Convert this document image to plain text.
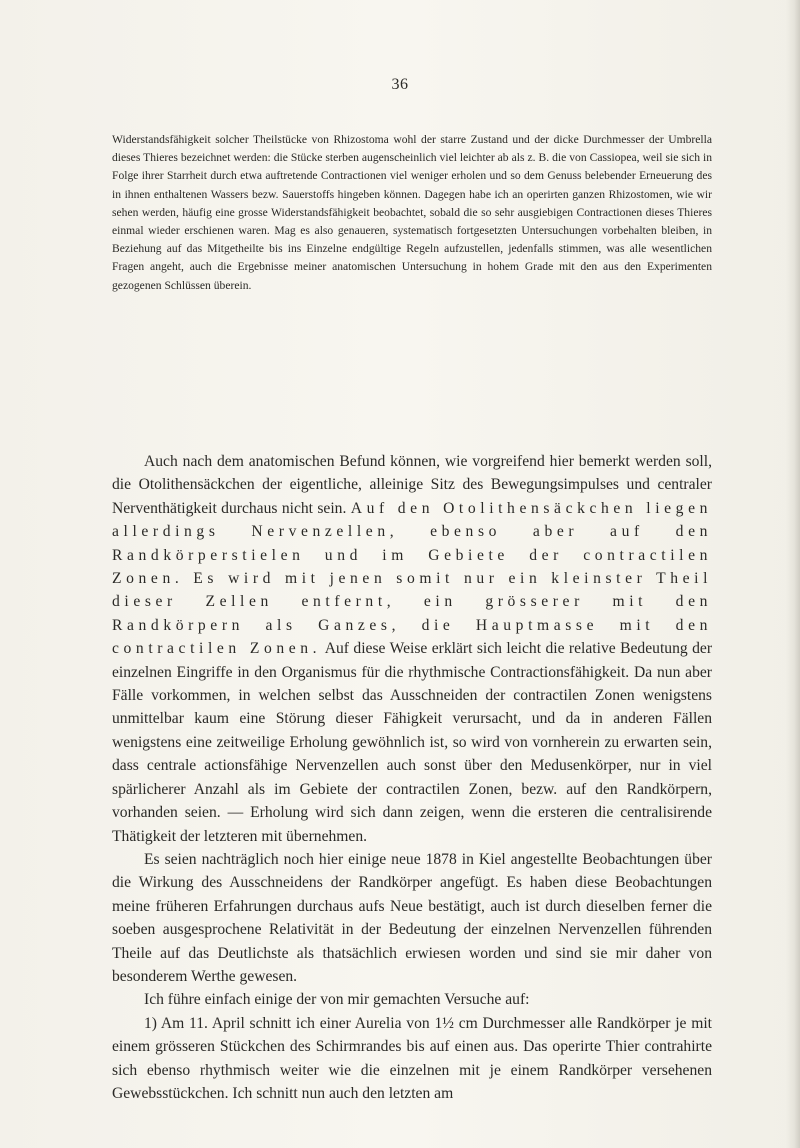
36

Widerstandsfähigkeit solcher Theilstücke von Rhizostoma wohl der starre Zustand und der dicke Durchmesser der Umbrella dieses Thieres bezeichnet werden: die Stücke sterben augenscheinlich viel leichter ab als z. B. die von Cassiopea, weil sie sich in Folge ihrer Starrheit durch etwa auftretende Contractionen viel weniger erholen und so dem Genuss belebender Erneuerung des in ihnen enthaltenen Wassers bezw. Sauerstoffs hingeben können. Dagegen habe ich an operirten ganzen Rhizostomen, wie wir sehen werden, häufig eine grosse Widerstandsfähigkeit beobachtet, sobald die so sehr ausgiebigen Contractionen dieses Thieres einmal wieder erschienen waren. Mag es also genaueren, systematisch fortgesetzten Untersuchungen vorbehalten bleiben, in Beziehung auf das Mitgetheilte bis ins Einzelne endgültige Regeln aufzustellen, jedenfalls stimmen, was alle wesentlichen Fragen angeht, auch die Ergebnisse meiner anatomischen Untersuchung in hohem Grade mit den aus den Experimenten gezogenen Schlüssen überein.

Auch nach dem anatomischen Befund können, wie vorgreifend hier bemerkt werden soll, die Otolithensäckchen der eigentliche, alleinige Sitz des Bewegungsimpulses und centraler Nerventhätigkeit durchaus nicht sein. Auf den Otolithensäckchen liegen allerdings Nervenzellen, ebenso aber auf den Randkörperstielen und im Gebiete der contractilen Zonen. Es wird mit jenen somit nur ein kleinster Theil dieser Zellen entfernt, ein grösserer mit den Randkörpern als Ganzes, die Hauptmasse mit den contractilen Zonen. Auf diese Weise erklärt sich leicht die relative Bedeutung der einzelnen Eingriffe in den Organismus für die rhythmische Contractionsfähigkeit. Da nun aber Fälle vorkommen, in welchen selbst das Ausschneiden der contractilen Zonen wenigstens unmittelbar kaum eine Störung dieser Fähigkeit verursacht, und da in anderen Fällen wenigstens eine zeitweilige Erholung gewöhnlich ist, so wird von vornherein zu erwarten sein, dass centrale actionsfähige Nervenzellen auch sonst über den Medusenkörper, nur in viel spärlicherer Anzahl als im Gebiete der contractilen Zonen, bezw. auf den Randkörpern, vorhanden seien. — Erholung wird sich dann zeigen, wenn die ersteren die centralisirende Thätigkeit der letzteren mit übernehmen.

Es seien nachträglich noch hier einige neue 1878 in Kiel angestellte Beobachtungen über die Wirkung des Ausschneidens der Randkörper angefügt. Es haben diese Beobachtungen meine früheren Erfahrungen durchaus aufs Neue bestätigt, auch ist durch dieselben ferner die soeben ausgesprochene Relativität in der Bedeutung der einzelnen Nervenzellen führenden Theile auf das Deutlichste als thatsächlich erwiesen worden und sind sie mir daher von besonderem Werthe gewesen.

Ich führe einfach einige der von mir gemachten Versuche auf:

1) Am 11. April schnitt ich einer Aurelia von 1½ cm Durchmesser alle Randkörper je mit einem grösseren Stückchen des Schirmrandes bis auf einen aus. Das operirte Thier contrahirte sich ebenso rhythmisch weiter wie die einzelnen mit je einem Randkörper versehenen Gewebsstückchen. Ich schnitt nun auch den letzten am
